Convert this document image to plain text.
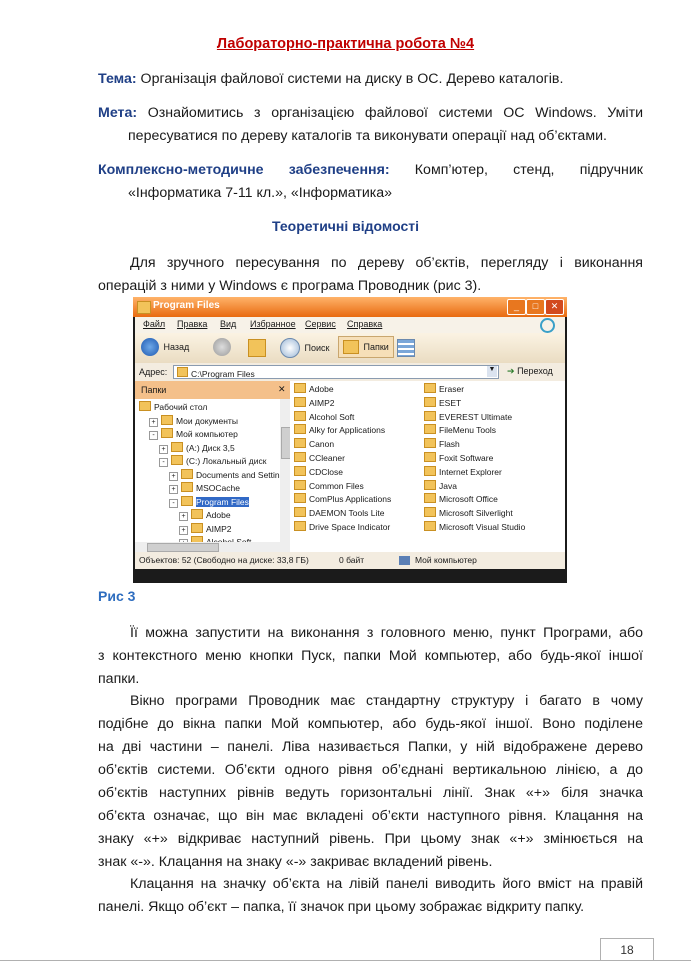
Лабораторно-практична робота №4
Тема: Організація файлової системи на диску в ОС. Дерево каталогів.
Мета: Ознайомитись з організацією файлової системи ОС Windows. Уміти
пересуватися по дереву каталогів та виконувати операції над об’єктами.
Комплексно-методичне забезпечення: Комп’ютер, стенд, підручник
«Інформатика 7-11 кл.», «Інформатика»
Теоретичні відомості
Для зручного пересування по дереву об’єктів, перегляду і виконання
операцій з ними у Windows є програма Проводник (рис 3).
Program Files	_	□	✕
Файл Правка Вид Избранное Сервис Справка
Назад	Поиск	Папки
Адрес:	C:\Program Files	▼ ➔ Переход
Папки	✕
Рабочий стол
+ Мои документы
-	Мой компьютер
+ (A:) Диск 3,5
-	(C:) Локальный диск
+ Documents and Settin
+ MSOCache
-	Program Files
+ Adobe
+ AIMP2
Adobe
AIMP2
Alcohol Soft
Alky for Applications
Canon
CCleaner
CDClose
Common Files
ComPlus Applications
DAEMON Tools Lite
Drive Space Indicator
Eraser
ESET
EVEREST Ultimate
FileMenu Tools
Flash
Foxit Software
Internet Explorer
Java
Microsoft Office
Microsoft Silverlight
Microsoft Visual Studio
Объектов: 52 (Свободно на диске: 33,8 ГБ)	0 байт	Мой компьютер
Рис 3
Її можна запустити на виконання з головного меню, пункт Програми, або
з контекстного меню кнопки Пуск, папки Мой компьютер, або будь-якої іншої
папки.
Вікно програми Проводник має стандартну структуру і багато в чому
подібне до вікна папки Мой компьютер, або будь-якої іншої. Воно поділене
на дві частини – панелі. Ліва називається Папки, у ній відображене дерево
об’єктів системи. Об’єкти одного рівня об’єднані вертикальною лінією, а до
об’єктів наступних рівнів ведуть горизонтальні лінії. Знак «+» біля значка
об’єкта означає, що він має вкладені об’єкти наступного рівня. Клацання на
знаку «+» відкриває наступний рівень. При цьому знак «+» змінюється на
знак «-». Клацання на знаку «-» закриває вкладений рівень.
Клацання на значку об’єкта на лівій панелі виводить його вміст на правій
панелі. Якщо об’єкт – папка, її значок при цьому зображає відкриту папку.
18
